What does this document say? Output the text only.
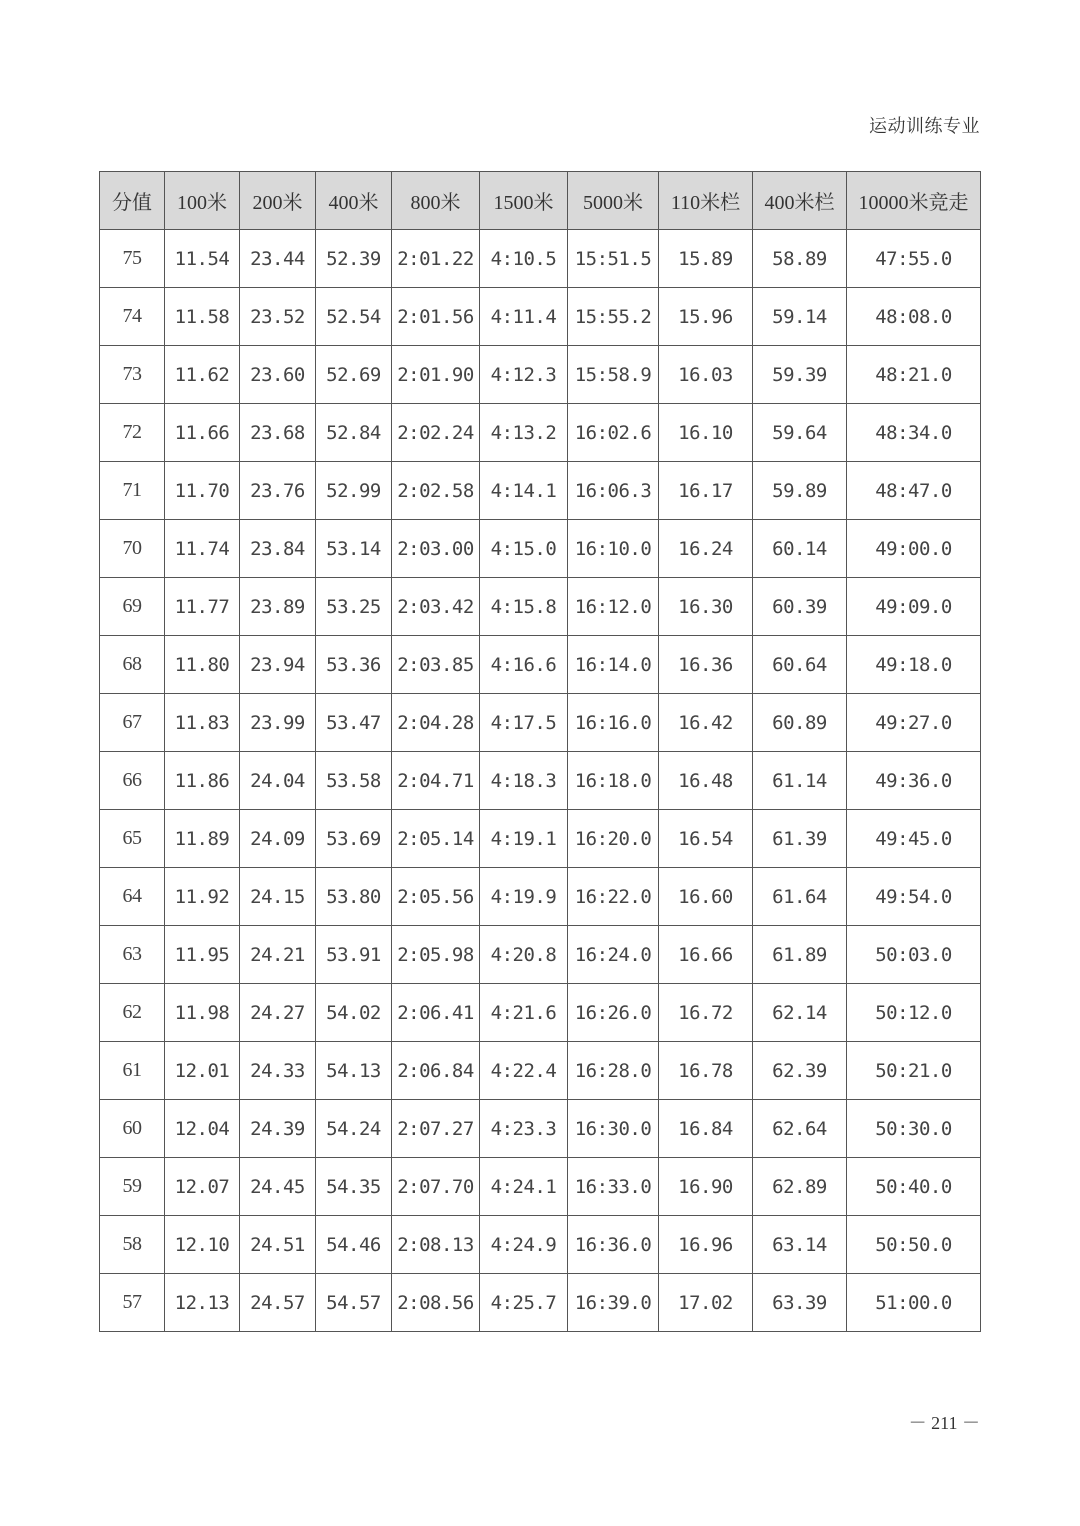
运动训练专业
分值	100米	200米	400米	800米	1500米	5000米	110米栏	400米栏	10000米竞走
75	11.54	23.44	52.39	2:01.22	4:10.5	15:51.5	15.89	58.89	47:55.0
74	11.58	23.52	52.54	2:01.56	4:11.4	15:55.2	15.96	59.14	48:08.0
73	11.62	23.60	52.69	2:01.90	4:12.3	15:58.9	16.03	59.39	48:21.0
72	11.66	23.68	52.84	2:02.24	4:13.2	16:02.6	16.10	59.64	48:34.0
71	11.70	23.76	52.99	2:02.58	4:14.1	16:06.3	16.17	59.89	48:47.0
70	11.74	23.84	53.14	2:03.00	4:15.0	16:10.0	16.24	60.14	49:00.0
69	11.77	23.89	53.25	2:03.42	4:15.8	16:12.0	16.30	60.39	49:09.0
68	11.80	23.94	53.36	2:03.85	4:16.6	16:14.0	16.36	60.64	49:18.0
67	11.83	23.99	53.47	2:04.28	4:17.5	16:16.0	16.42	60.89	49:27.0
66	11.86	24.04	53.58	2:04.71	4:18.3	16:18.0	16.48	61.14	49:36.0
65	11.89	24.09	53.69	2:05.14	4:19.1	16:20.0	16.54	61.39	49:45.0
64	11.92	24.15	53.80	2:05.56	4:19.9	16:22.0	16.60	61.64	49:54.0
63	11.95	24.21	53.91	2:05.98	4:20.8	16:24.0	16.66	61.89	50:03.0
62	11.98	24.27	54.02	2:06.41	4:21.6	16:26.0	16.72	62.14	50:12.0
61	12.01	24.33	54.13	2:06.84	4:22.4	16:28.0	16.78	62.39	50:21.0
60	12.04	24.39	54.24	2:07.27	4:23.3	16:30.0	16.84	62.64	50:30.0
59	12.07	24.45	54.35	2:07.70	4:24.1	16:33.0	16.90	62.89	50:40.0
58	12.10	24.51	54.46	2:08.13	4:24.9	16:36.0	16.96	63.14	50:50.0
57	12.13	24.57	54.57	2:08.56	4:25.7	16:39.0	17.02	63.39	51:00.0
－ 211 －
